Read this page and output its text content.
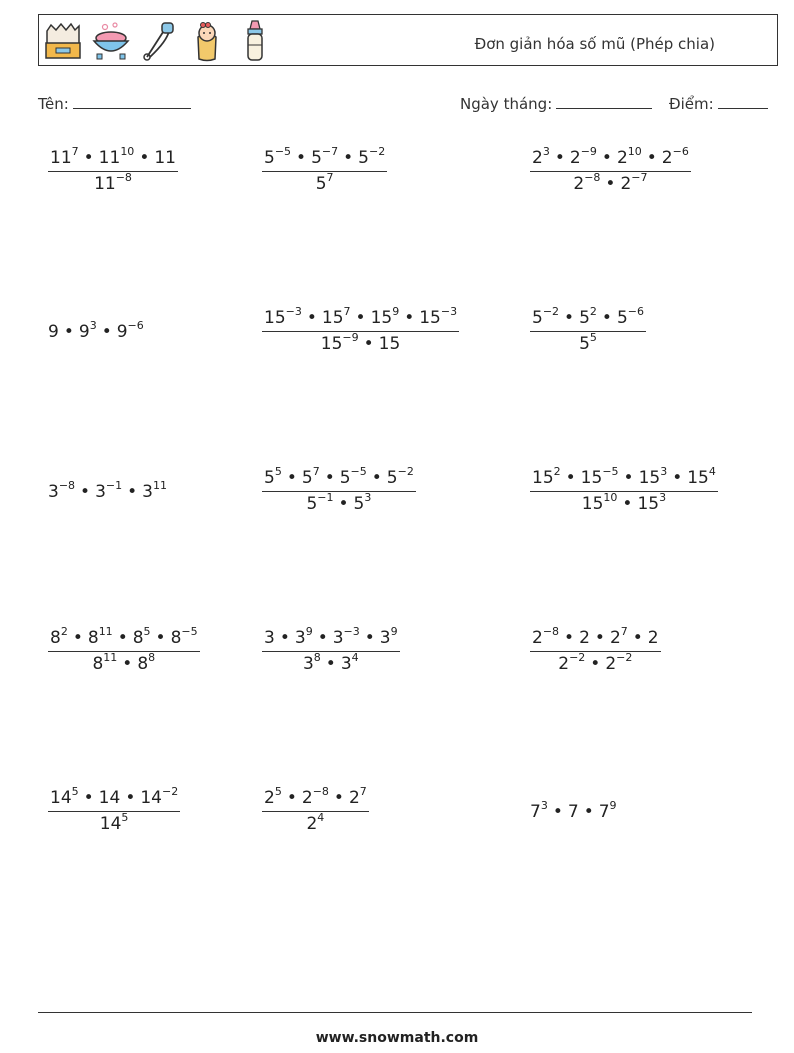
Đơn giản hóa số mũ (Phép chia)
Tên:	Ngày tháng:	Điểm:
$\frac{11^7 • 11^{10} • 11}{11^{-8}}$	$\frac{5^{-5} • 5^{-7} • 5^{-2}}{5^7}$	$\frac{2^3 • 2^{-9} • 2^{10} • 2^{-6}}{2^{-8} • 2^{-7}}$
9 • $9^3$ • $9^{-6}$	$\frac{15^{-3} • 15^7 • 15^9 • 15^{-3}}{15^{-9} • 15}$	$\frac{5^{-2} • 5^2 • 5^{-6}}{5^5}$
$3^{-8}$ • $3^{-1}$ • $3^{11}$	$\frac{5^5 • 5^7 • 5^{-5} • 5^{-2}}{5^{-1} • 5^3}$	$\frac{15^2 • 15^{-5} • 15^3 • 15^4}{15^{10} • 15^3}$
$\frac{8^2 • 8^{11} • 8^5 • 8^{-5}}{8^{11} • 8^8}$	$\frac{3 • 3^9 • 3^{-3} • 3^9}{3^8 • 3^4}$	$\frac{2^{-8} • 2 • 2^7 • 2}{2^{-2} • 2^{-2}}$
$\frac{14^5 • 14 • 14^{-2}}{14^5}$	$\frac{2^5 • 2^{-8} • 2^7}{2^4}$	$7^3$ • 7 • $7^9$
www.snowmath.com
